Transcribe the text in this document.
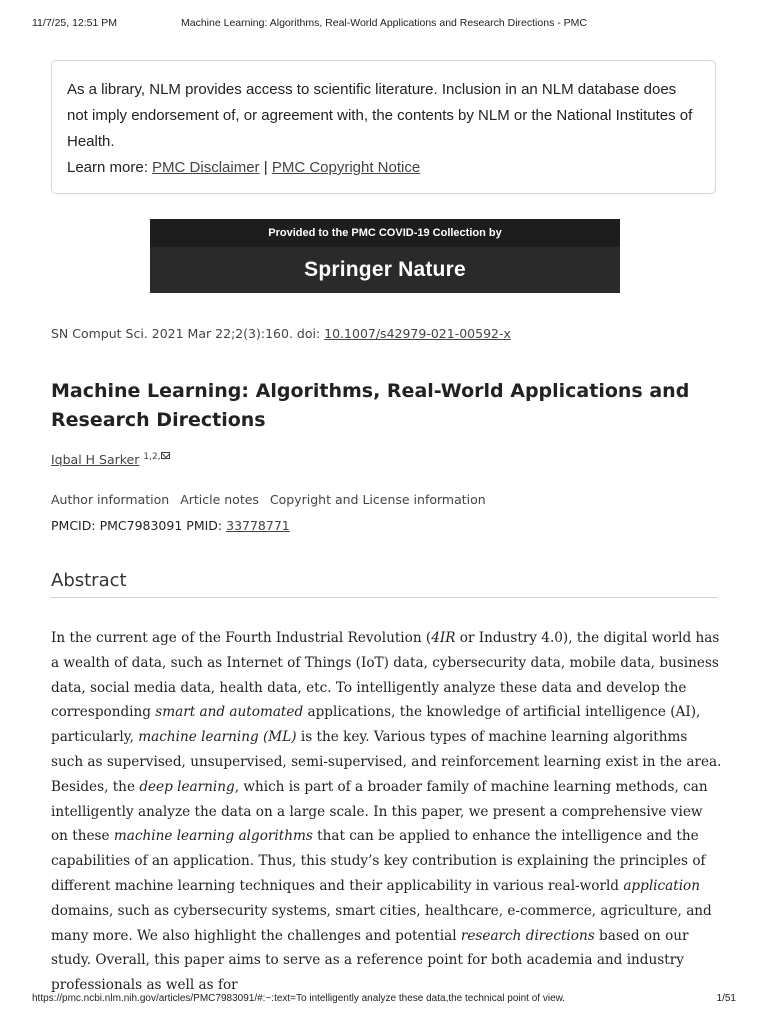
11/7/25, 12:51 PM	Machine Learning: Algorithms, Real-World Applications and Research Directions - PMC
As a library, NLM provides access to scientific literature. Inclusion in an NLM database does not imply endorsement of, or agreement with, the contents by NLM or the National Institutes of Health.
Learn more: PMC Disclaimer | PMC Copyright Notice
Provided to the PMC COVID-19 Collection by
Springer Nature
SN Comput Sci. 2021 Mar 22;2(3):160. doi: 10.1007/s42979-021-00592-x
Machine Learning: Algorithms, Real-World Applications and Research Directions
Iqbal H Sarker $^{1,2,}$
Author information Article notes Copyright and License information
PMCID: PMC7983091 PMID: 33778771
Abstract

In the current age of the Fourth Industrial Revolution (4IR or Industry 4.0), the digital world has a wealth of data, such as Internet of Things (IoT) data, cybersecurity data, mobile data, business data, social media data, health data, etc. To intelligently analyze these data and develop the corresponding smart and automated applications, the knowledge of artificial intelligence (AI), particularly, machine learning (ML) is the key. Various types of machine learning algorithms such as supervised, unsupervised, semi-supervised, and reinforcement learning exist in the area. Besides, the deep learning, which is part of a broader family of machine learning methods, can intelligently analyze the data on a large scale. In this paper, we present a comprehensive view on these machine learning algorithms that can be applied to enhance the intelligence and the capabilities of an application. Thus, this study’s key contribution is explaining the principles of different machine learning techniques and their applicability in various real-world application domains, such as cybersecurity systems, smart cities, healthcare, e-commerce, agriculture, and many more. We also highlight the challenges and potential research directions based on our study. Overall, this paper aims to serve as a reference point for both academia and industry professionals as well as for

https://pmc.ncbi.nlm.nih.gov/articles/PMC7983091/#:~:text=To intelligently analyze these data,the technical point of view.	1/51
